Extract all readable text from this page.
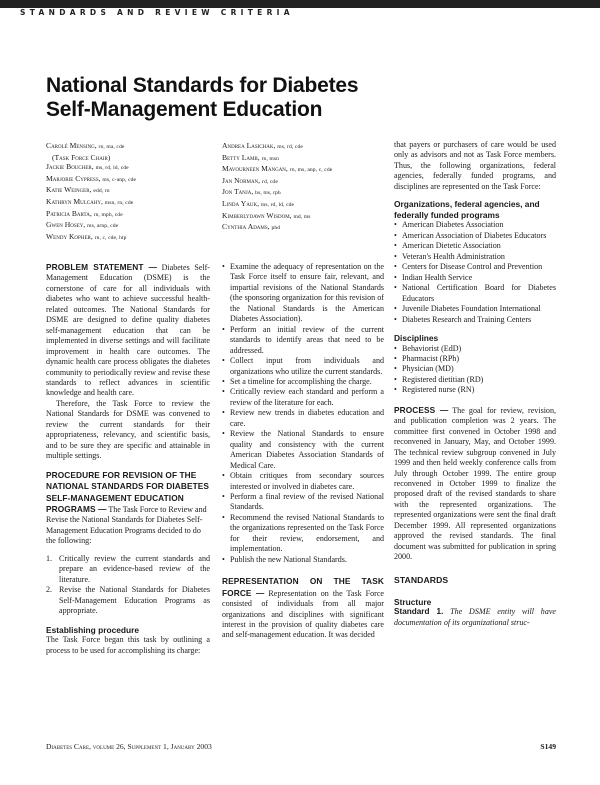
STANDARDS AND REVIEW CRITERIA
National Standards for Diabetes
Self-Management Education
Carolé Mensing, rn, ma, cde
(Task Force Chair)
Jackie Boucher, ms, rd, ld, cde
Marjorie Cypress, ms, c-anp, cde
Katie Weinger, edd, rn
Kathryn Mulcahy, msn, rn, cde
Patricia Barta, rn, mph, cde
Gwen Hosey, ms, arnp, cde
Wendy Kopher, rn, c, cde, htp
Andrea Lasichak, ms, rd, cde
Betty Lamb, rn, msn
Mavourneen Mangan, rn, ms, anp, c, cde
Jan Norman, rd, cde
Jon Tanja, bs, ms, rph
Linda Yauk, ms, rd, ld, cde
Kimberlydawn Wisdom, md, ms
Cynthia Adams, phd

PROBLEM STATEMENT — Diabetes Self-Management Education (DSME) is the cornerstone of care for all individuals with diabetes who want to achieve successful health-related outcomes. The National Standards for DSME are designed to define quality diabetes self-management education that can be implemented in diverse settings and will facilitate improvement in health care outcomes. The dynamic health care process obligates the diabetes community to periodically review and revise these standards to reflect advances in scientific knowledge and health care.

Therefore, the Task Force to review the National Standards for DSME was convened to review the current standards for their appropriateness, relevancy, and scientific basis, and to be sure they are specific and attainable in multiple settings.

PROCEDURE FOR REVISION OF THE NATIONAL STANDARDS FOR DIABETES SELF-MANAGEMENT EDUCATION PROGRAMS — The Task Force to Review and Revise the National Standards for Diabetes Self-Management Education Programs decided to do the following:

1. Critically review the current standards and prepare an evidence-based review of the literature.
2. Revise the National Standards for Diabetes Self-Management Education Programs as appropriate.

Establishing procedure

The Task Force began this task by outlining a process to be used for accomplishing its charge:

• Examine the adequacy of representation on the Task Force itself to ensure fair, relevant, and impartial revisions of the National Standards (the sponsoring organization for this revision of the National Standards is the American Diabetes Association).
• Perform an initial review of the current standards to identify areas that need to be addressed.
• Collect input from individuals and organizations who utilize the current standards.
• Set a timeline for accomplishing the charge.
• Critically review each standard and perform a review of the literature for each.
• Review new trends in diabetes education and care.
• Review the National Standards to ensure quality and consistency with the current American Diabetes Association Standards of Medical Care.
• Obtain critiques from secondary sources interested or involved in diabetes care.
• Perform a final review of the revised National Standards.
• Recommend the revised National Standards to the organizations represented on the Task Force for their review, endorsement, and implementation.
• Publish the new National Standards.

REPRESENTATION ON THE TASK FORCE — Representation on the Task Force consisted of individuals from all major organizations and disciplines with significant interest in the provision of quality diabetes care and self-management education. It was decided

that payers or purchasers of care would be used only as advisors and not as Task Force members. Thus, the following organizations, federal agencies, federally funded programs, and disciplines are represented on the Task Force:

Organizations, federal agencies, and federally funded programs

• American Diabetes Association
• American Association of Diabetes Educators
• American Dietetic Association
• Veteran's Health Administration
• Centers for Disease Control and Prevention
• Indian Health Service
• National Certification Board for Diabetes Educators
• Juvenile Diabetes Foundation International
• Diabetes Research and Training Centers

Disciplines

• Behaviorist (EdD)
• Pharmacist (RPh)
• Physician (MD)
• Registered dietitian (RD)
• Registered nurse (RN)

PROCESS — The goal for review, revision, and publication completion was 2 years. The committee first convened in October 1998 and reconvened in January, May, and October 1999. The technical review subgroup convened in July 1999 and then held weekly conference calls from July through October 1999. The entire group reconvened in October 1999 to finalize the proposed draft of the revised standards to share with the represented organizations. The represented organizations were sent the final draft December 1999. All represented organizations approved the revised standards. The final document was submitted for publication in spring 2000.

STANDARDS

Structure

Standard 1. The DSME entity will have documentation of its organizational struc-

Diabetes Care, volume 26, Supplement 1, January 2003	S149
